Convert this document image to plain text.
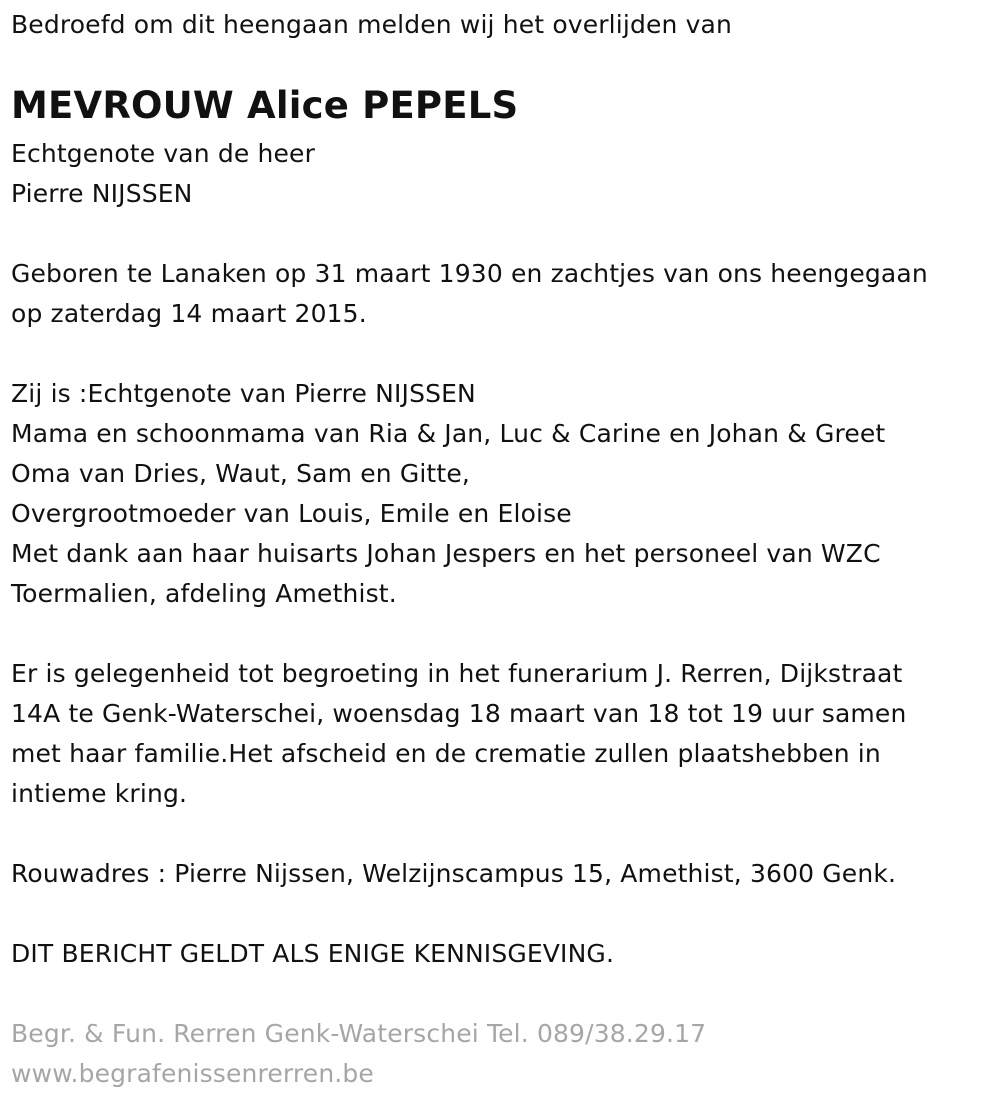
Bedroefd om dit heengaan melden wij het overlijden van
MEVROUW Alice PEPELS
Echtgenote van de heer
Pierre NIJSSEN
Geboren te Lanaken op 31 maart 1930 en zachtjes van ons heengegaan
op zaterdag 14 maart 2015.
Zij is :Echtgenote van Pierre NIJSSEN
Mama en schoonmama van Ria & Jan, Luc & Carine en Johan & Greet
Oma van Dries, Waut, Sam en Gitte,
Overgrootmoeder van Louis, Emile en Eloise
Met dank aan haar huisarts Johan Jespers en het personeel van WZC
Toermalien, afdeling Amethist.
Er is gelegenheid tot begroeting in het funerarium J. Rerren, Dijkstraat
14A te Genk-Waterschei, woensdag 18 maart van 18 tot 19 uur samen
met haar familie.Het afscheid en de crematie zullen plaatshebben in
intieme kring.
Rouwadres : Pierre Nijssen, Welzijnscampus 15, Amethist, 3600 Genk.
DIT BERICHT GELDT ALS ENIGE KENNISGEVING.
Begr. & Fun. Rerren Genk-Waterschei Tel. 089/38.29.17
www.begrafenissenrerren.be
